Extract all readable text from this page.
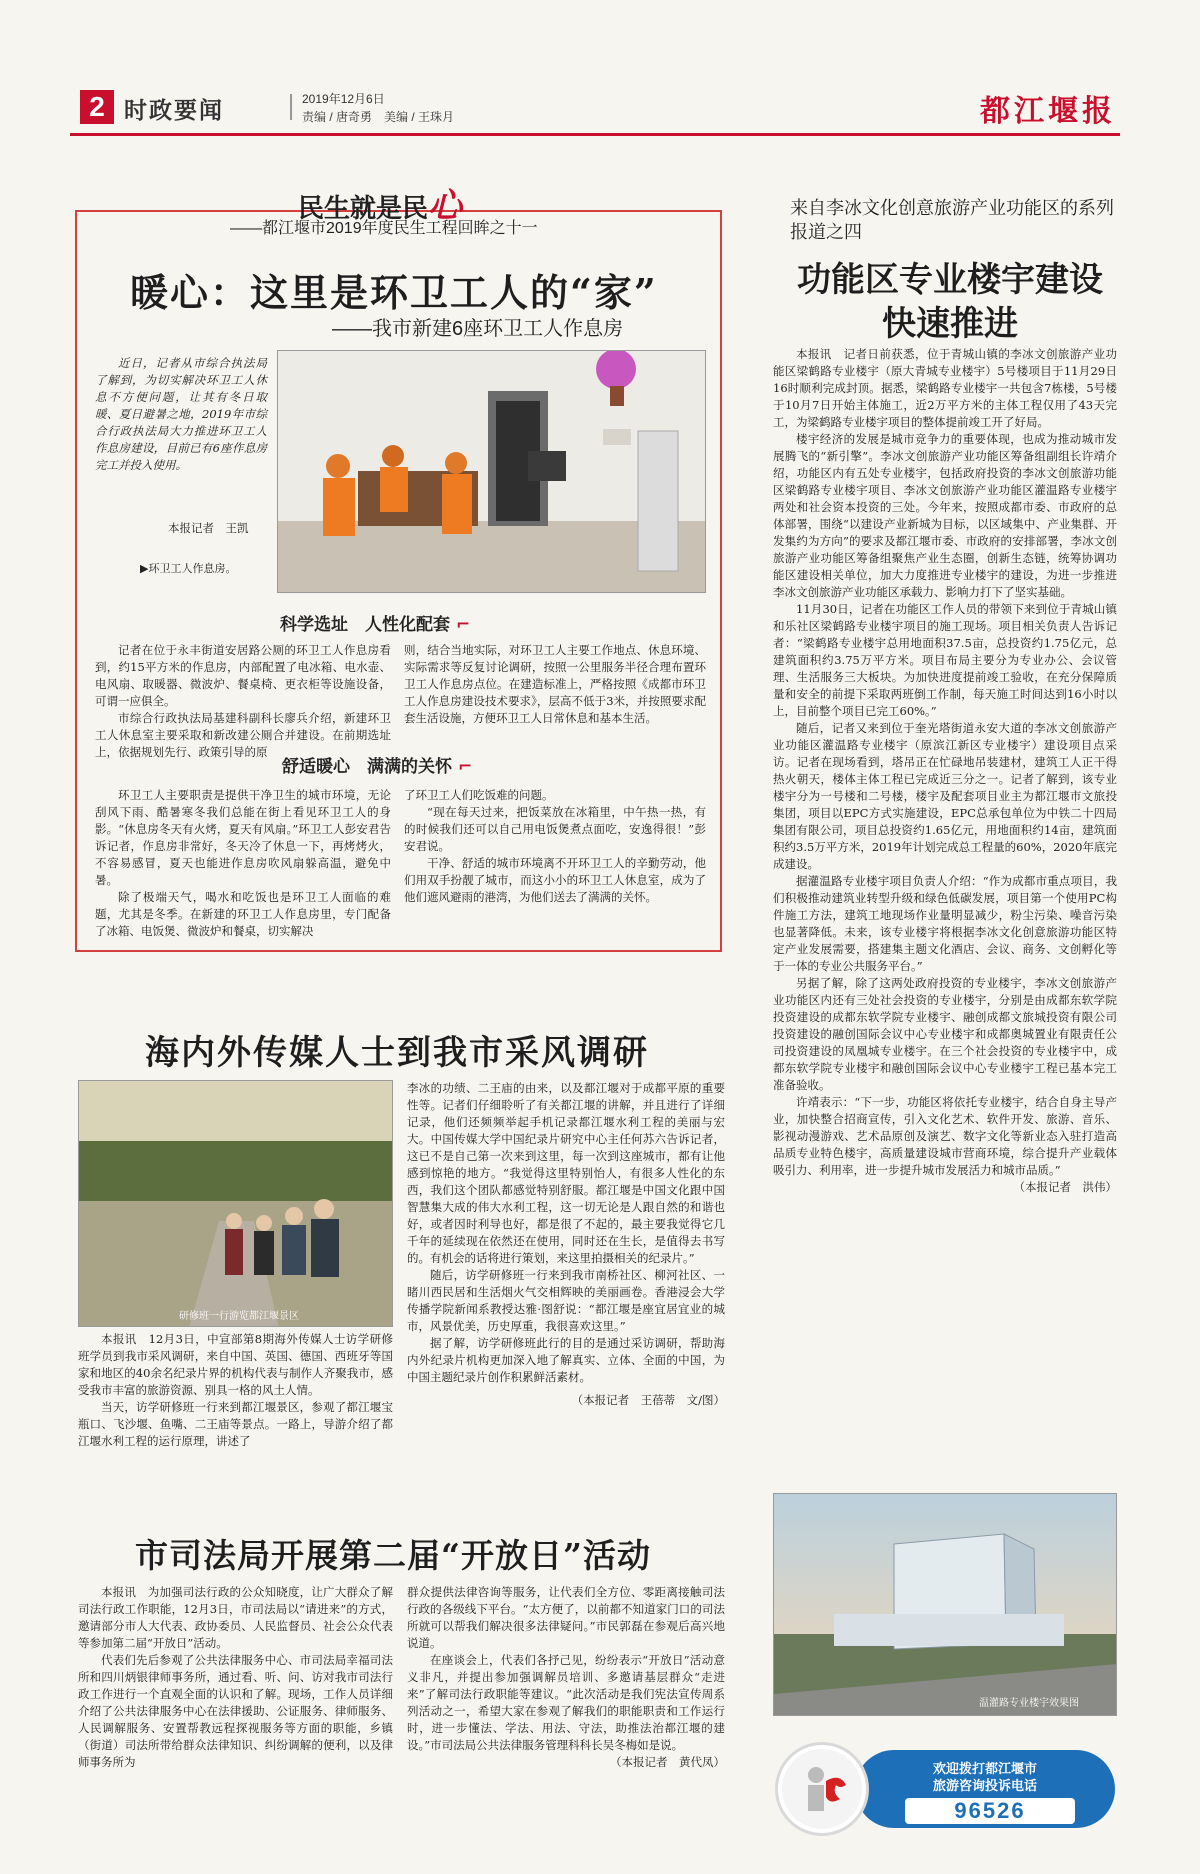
2 时政要闻	2019年12月6日
责编 / 唐奇勇　美编 / 王珠月	都江堰报
民生就是民心
——都江堰市2019年度民生工程回眸之十一
暖心：这里是环卫工人的“家”
——我市新建6座环卫工人作息房

近日，记者从市综合执法局了解到，为切实解决环卫工人休息不方便问题，让其有冬日取暖、夏日避暑之地，2019年市综合行政执法局大力推进环卫工人作息房建设，目前已有6座作息房完工并投入使用。

本报记者　王凯
▶环卫工人作息房。
科学选址　人性化配套 ⌐

记者在位于永丰街道安居路公厕的环卫工人作息房看到，约15平方米的作息房，内部配置了电冰箱、电水壶、电风扇、取暖器、微波炉、餐桌椅、更衣柜等设施设备，可谓一应俱全。

市综合行政执法局基建科副科长廖兵介绍，新建环卫工人休息室主要采取和新改建公厕合并建设。在前期选址上，依据规划先行、政策引导的原

则，结合当地实际，对环卫工人主要工作地点、休息环境、实际需求等反复讨论调研，按照一公里服务半径合理布置环卫工人作息房点位。在建造标准上，严格按照《成都市环卫工人作息房建设技术要求》，层高不低于3米，并按照要求配套生活设施，方便环卫工人日常休息和基本生活。

舒适暖心　满满的关怀 ⌐

环卫工人主要职责是提供干净卫生的城市环境，无论刮风下雨、酷暑寒冬我们总能在街上看见环卫工人的身影。“休息房冬天有火烤，夏天有风扇。”环卫工人彭安君告诉记者，作息房非常好，冬天冷了休息一下，再烤烤火，不容易感冒，夏天也能进作息房吹风扇躲高温，避免中暑。

除了极端天气，喝水和吃饭也是环卫工人面临的难题，尤其是冬季。在新建的环卫工人作息房里，专门配备了冰箱、电饭煲、微波炉和餐桌，切实解决

了环卫工人们吃饭难的问题。

“现在每天过来，把饭菜放在冰箱里，中午热一热，有的时候我们还可以自己用电饭煲煮点面吃，安逸得很！”彭安君说。

干净、舒适的城市环境离不开环卫工人的辛勤劳动，他们用双手扮靓了城市，而这小小的环卫工人休息室，成为了他们遮风避雨的港湾，为他们送去了满满的关怀。

海内外传媒人士到我市采风调研
研修班一行游览都江堰景区

本报讯　12月3日，中宣部第8期海外传媒人士访学研修班学员到我市采风调研，来自中国、英国、德国、西班牙等国家和地区的40余名纪录片界的机构代表与制作人齐聚我市，感受我市丰富的旅游资源、别具一格的风土人情。

当天，访学研修班一行来到都江堰景区，参观了都江堰宝瓶口、飞沙堰、鱼嘴、二王庙等景点。一路上，导游介绍了都江堰水利工程的运行原理，讲述了

李冰的功绩、二王庙的由来，以及都江堰对于成都平原的重要性等。记者们仔细聆听了有关都江堰的讲解，并且进行了详细记录，他们还频频举起手机记录都江堰水利工程的美丽与宏大。中国传媒大学中国纪录片研究中心主任何苏六告诉记者，这已不是自己第一次来到这里，每一次到这座城市，都有让他感到惊艳的地方。“我觉得这里特别怡人，有很多人性化的东西，我们这个团队都感觉特别舒服。都江堰是中国文化跟中国智慧集大成的伟大水利工程，这一切无论是人跟自然的和谐也好，或者因时利导也好，都是很了不起的，最主要我觉得它几千年的延续现在依然还在使用，同时还在生长，是值得去书写的。有机会的话将进行策划，来这里拍摄相关的纪录片。”

随后，访学研修班一行来到我市南桥社区、柳河社区、一睹川西民居和生活烟火气交相辉映的美丽画卷。香港浸会大学传播学院新闻系教授达雅·图舒说：“都江堰是座宜居宜业的城市，风景优美，历史厚重，我很喜欢这里。”

据了解，访学研修班此行的目的是通过采访调研，帮助海内外纪录片机构更加深入地了解真实、立体、全面的中国，为中国主题纪录片创作积累鲜活素材。

（本报记者　王蓓蒂　文/图）

市司法局开展第二届“开放日”活动

本报讯　为加强司法行政的公众知晓度，让广大群众了解司法行政工作职能，12月3日，市司法局以“请进来”的方式，邀请部分市人大代表、政协委员、人民监督员、社会公众代表等参加第二届“开放日”活动。

代表们先后参观了公共法律服务中心、市司法局幸福司法所和四川炳银律师事务所，通过看、听、问、访对我市司法行政工作进行一个直观全面的认识和了解。现场，工作人员详细介绍了公共法律服务中心在法律援助、公证服务、律师服务、人民调解服务、安置帮教远程探视服务等方面的职能，乡镇（街道）司法所带给群众法律知识、纠纷调解的便利，以及律师事务所为

群众提供法律咨询等服务，让代表们全方位、零距离接触司法行政的各级线下平台。“太方便了，以前都不知道家门口的司法所就可以帮我们解决很多法律疑问。”市民郭磊在参观后高兴地说道。

在座谈会上，代表们各抒己见，纷纷表示“开放日”活动意义非凡，并提出参加强调解员培训、多邀请基层群众“走进来”了解司法行政职能等建议。“此次活动是我们宪法宣传周系列活动之一，希望大家在参观了解我们的职能职责和工作运行时，进一步懂法、学法、用法、守法，助推法治都江堰的建设。”市司法局公共法律服务管理科科长吴冬梅如是说。

（本报记者　黄代凤）

来自李冰文化创意旅游产业功能区的系列报道之四
功能区专业楼宇建设快速推进

本报讯　记者日前获悉，位于青城山镇的李冰文创旅游产业功能区梁鹤路专业楼宇（原大青城专业楼宇）5号楼项目于11月29日16时顺利完成封顶。据悉，梁鹤路专业楼宇一共包含7栋楼，5号楼于10月7日开始主体施工，近2万平方米的主体工程仅用了43天完工，为梁鹤路专业楼宇项目的整体提前竣工开了好局。

楼宇经济的发展是城市竞争力的重要体现，也成为推动城市发展腾飞的“新引擎”。李冰文创旅游产业功能区筹备组副组长许靖介绍，功能区内有五处专业楼宇，包括政府投资的李冰文创旅游功能区梁鹤路专业楼宇项目、李冰文创旅游产业功能区灌温路专业楼宇两处和社会资本投资的三处。今年来，按照成都市委、市政府的总体部署，围绕“以建设产业新城为目标，以区域集中、产业集群、开发集约为方向”的要求及都江堰市委、市政府的安排部署，李冰文创旅游产业功能区筹备组聚焦产业生态圈，创新生态链，统筹协调功能区建设相关单位，加大力度推进专业楼宇的建设，为进一步推进李冰文创旅游产业功能区承载力、影响力打下了坚实基础。

11月30日，记者在功能区工作人员的带领下来到位于青城山镇和乐社区梁鹤路专业楼宇项目的施工现场。项目相关负责人告诉记者：“梁鹤路专业楼宇总用地面积37.5亩，总投资约1.75亿元，总建筑面积约3.75万平方米。项目布局主要分为专业办公、会议管理、生活服务三大板块。为加快进度提前竣工验收，在充分保障质量和安全的前提下采取两班倒工作制，每天施工时间达到16小时以上，目前整个项目已完工60%。”

随后，记者又来到位于奎光塔街道永安大道的李冰文创旅游产业功能区灌温路专业楼宇（原滨江新区专业楼宇）建设项目点采访。记者在现场看到，塔吊正在忙碌地吊装建材，建筑工人正干得热火朝天，楼体主体工程已完成近三分之一。记者了解到，该专业楼宇分为一号楼和二号楼，楼宇及配套项目业主为都江堰市文旅投集团，项目以EPC方式实施建设，EPC总承包单位为中铁二十四局集团有限公司，项目总投资约1.65亿元，用地面积约14亩，建筑面积约3.5万平方米，2019年计划完成总工程量的60%，2020年底完成建设。

据灌温路专业楼宇项目负责人介绍：“作为成都市重点项目，我们积极推动建筑业转型升级和绿色低碳发展，项目第一个使用PC构件施工方法，建筑工地现场作业量明显减少，粉尘污染、噪音污染也显著降低。未来，该专业楼宇将根据李冰文化创意旅游功能区特定产业发展需要，搭建集主题文化酒店、会议、商务、文创孵化等于一体的专业公共服务平台。”

另据了解，除了这两处政府投资的专业楼宇，李冰文创旅游产业功能区内还有三处社会投资的专业楼宇，分别是由成都东软学院投资建设的成都东软学院专业楼宇、融创成都文旅城投资有限公司投资建设的融创国际会议中心专业楼宇和成都奥城置业有限责任公司投资建设的凤凰城专业楼宇。在三个社会投资的专业楼宇中，成都东软学院专业楼宇和融创国际会议中心专业楼宇工程已基本完工准备验收。

许靖表示：“下一步，功能区将依托专业楼宇，结合自身主导产业，加快整合招商宣传，引入文化艺术、软件开发、旅游、音乐、影视动漫游戏、艺术品原创及演艺、数字文化等新业态入驻打造高品质专业特色楼宇，高质量建设城市营商环境，综合提升产业载体吸引力、利用率，进一步提升城市发展活力和城市品质。”

（本报记者　洪伟）

温灌路专业楼宇效果图
欢迎拨打都江堰市
旅游咨询投诉电话
96526
